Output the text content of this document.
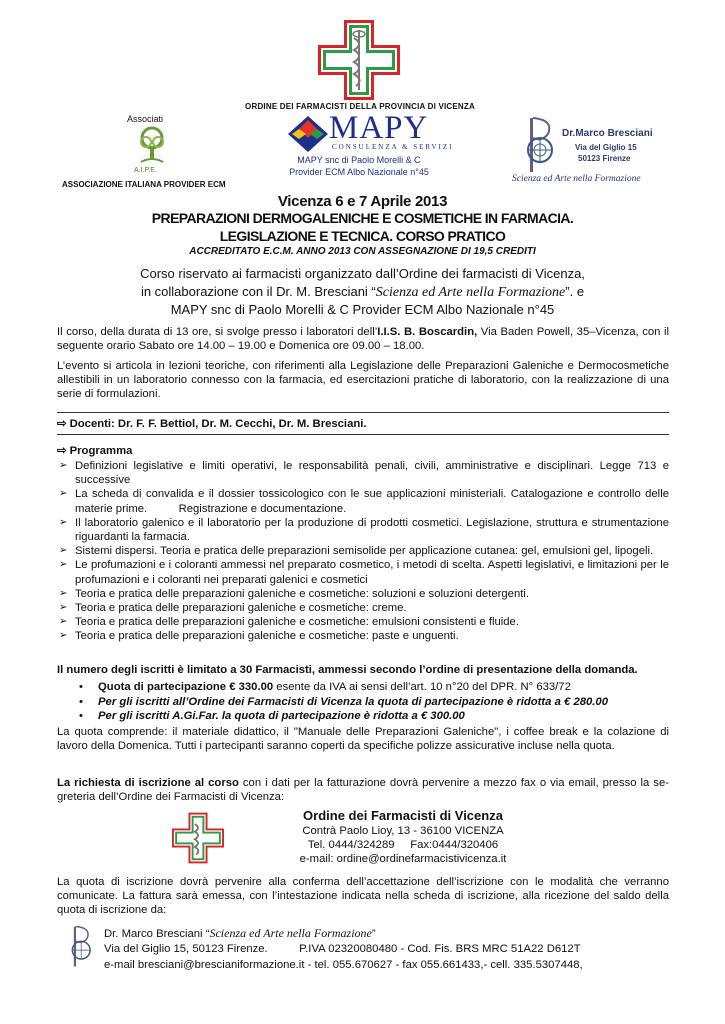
ORDINE DEI FARMACISTI DELLA PROVINCIA DI VICENZA
Associati
A.I.P.E.
ASSOCIAZIONE ITALIANA PROVIDER ECM
MAPY
CONSULENZA & SERVIZI
MAPY snc di Paolo Morelli & C
Provider ECM Albo Nazionale n°45
Dr.Marco Bresciani
Via del Giglio 15
50123 Firenze
Scienza ed Arte nella Formazione
Vicenza 6 e 7 Aprile 2013
PREPARAZIONI DERMOGALENICHE E COSMETICHE IN FARMACIA.
LEGISLAZIONE E TECNICA. CORSO PRATICO
ACCREDITATO E.C.M. ANNO 2013 CON ASSEGNAZIONE DI 19,5 CREDITI
Corso riservato ai farmacisti organizzato dall’Ordine dei farmacisti di Vicenza,
in collaborazione con il Dr. M. Bresciani “Scienza ed Arte nella Formazione”. e
MAPY snc di Paolo Morelli & C Provider ECM Albo Nazionale n°45
Il corso, della durata di 13 ore, si svolge presso i laboratori dell’I.I.S. B. Boscardin, Via Baden Powell, 35–Vicenza, con il seguente orario Sabato ore 14.00 – 19.00 e Domenica ore 09.00 – 18.00.
L’evento si articola in lezioni teoriche, con riferimenti alla Legislazione delle Preparazioni Galeniche e Dermocosmetiche allestibili in un laboratorio connesso con la farmacia, ed esercitazioni pratiche di laboratorio, con la realizzazione di una serie di formulazioni.
⇨ Docenti: Dr. F. F. Bettiol, Dr. M. Cecchi, Dr. M. Bresciani.
⇨ Programma
➢ Definizioni legislative e limiti operativi, le responsabilità penali, civili, amministrative e disciplinari. Legge 713 e successive
➢ La scheda di convalida e il dossier tossicologico con le sue applicazioni ministeriali. Catalogazione e controllo delle materie prime.          Registrazione e documentazione.
➢ Il laboratorio galenico e il laboratorio per la produzione di prodotti cosmetici. Legislazione, struttura e strumentazione riguardanti la farmacia.
➢ Sistemi dispersi. Teoria e pratica delle preparazioni semisolide per applicazione cutanea: gel, emulsioni gel, lipogeli.
➢ Le profumazioni e i coloranti ammessi nel preparato cosmetico, i metodi di scelta. Aspetti legislativi, e limitazioni per le profumazioni e i coloranti nei preparati galenici e cosmetici
➢ Teoria e pratica delle preparazioni galeniche e cosmetiche: soluzioni e soluzioni detergenti.
➢ Teoria e pratica delle preparazioni galeniche e cosmetiche: creme.
➢ Teoria e pratica delle preparazioni galeniche e cosmetiche: emulsioni consistenti e fluide.
➢ Teoria e pratica delle preparazioni galeniche e cosmetiche: paste e unguenti.
Il numero degli iscritti è limitato a 30 Farmacisti, ammessi secondo l’ordine di presentazione della domanda.
• Quota di partecipazione € 330.00 esente da IVA ai sensi dell’art. 10 n°20 del DPR. N° 633/72
• Per gli iscritti all’Ordine dei Farmacisti di Vicenza la quota di partecipazione è ridotta a € 280.00
• Per gli iscritti A.Gi.Far. la quota di partecipazione è ridotta a € 300.00
La quota comprende: il materiale didattico, il "Manuale delle Preparazioni Galeniche", i coffee break e la colazione di lavoro della Domenica. Tutti i partecipanti saranno coperti da specifiche polizze assicurative incluse nella quota.
La richiesta di iscrizione al corso con i dati per la fatturazione dovrà pervenire a mezzo fax o via email, presso la se-greteria dell’Ordine dei Farmacisti di Vicenza:
Ordine dei Farmacisti di Vicenza
Contrà Paolo Lioy, 13 - 36100 VICENZA
Tel. 0444/324289     Fax:0444/320406
e-mail: ordine@ordinefarmacistivicenza.it
La quota di iscrizione dovrà pervenire alla conferma dell’accettazione dell’iscrizione con le modalità che verranno comunicate. La fattura sarà emessa, con l’intestazione indicata nella scheda di iscrizione, alla ricezione del saldo della quota di iscrizione da:
Dr. Marco Bresciani “Scienza ed Arte nella Formazione”
Via del Giglio 15, 50123 Firenze.          P.IVA 02320080480 - Cod. Fis. BRS MRC 51A22 D612T
e-mail bresciani@brescianiformazione.it - tel. 055.670627 - fax 055.661433,- cell. 335.5307448,
